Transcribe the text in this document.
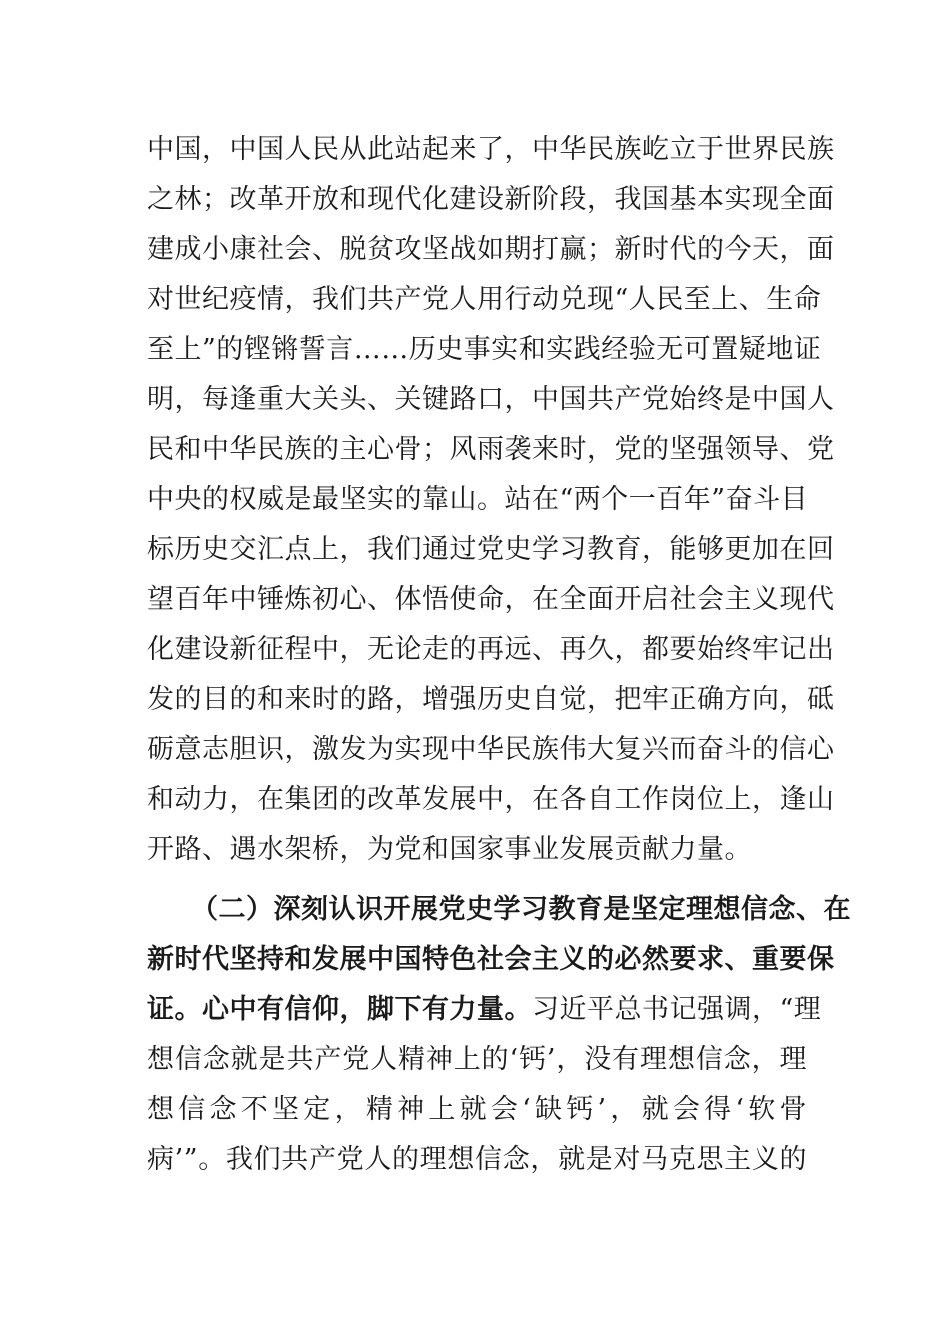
中国，中国人民从此站起来了，中华民族屹立于世界民族
之林；改革开放和现代化建设新阶段，我国基本实现全面
建成小康社会、脱贫攻坚战如期打赢；新时代的今天，面
对世纪疫情，我们共产党人用行动兑现“人民至上、生命
至上”的铿锵誓言……历史事实和实践经验无可置疑地证
明，每逢重大关头、关键路口，中国共产党始终是中国人
民和中华民族的主心骨；风雨袭来时，党的坚强领导、党
中央的权威是最坚实的靠山。站在“两个一百年”奋斗目
标历史交汇点上，我们通过党史学习教育，能够更加在回
望百年中锤炼初心、体悟使命，在全面开启社会主义现代
化建设新征程中，无论走的再远、再久，都要始终牢记出
发的目的和来时的路，增强历史自觉，把牢正确方向，砥
砺意志胆识，激发为实现中华民族伟大复兴而奋斗的信心
和动力，在集团的改革发展中，在各自工作岗位上，逢山
开路、遇水架桥，为党和国家事业发展贡献力量。
（二）深刻认识开展党史学习教育是坚定理想信念、在
新时代坚持和发展中国特色社会主义的必然要求、重要保
证。心中有信仰，脚下有力量。习近平总书记强调，“理
想信念就是共产党人精神上的‘钙’，没有理想信念，理
想信念不坚定，精神上就会‘缺钙’，就会得‘软骨
病’”。我们共产党人的理想信念，就是对马克思主义的
